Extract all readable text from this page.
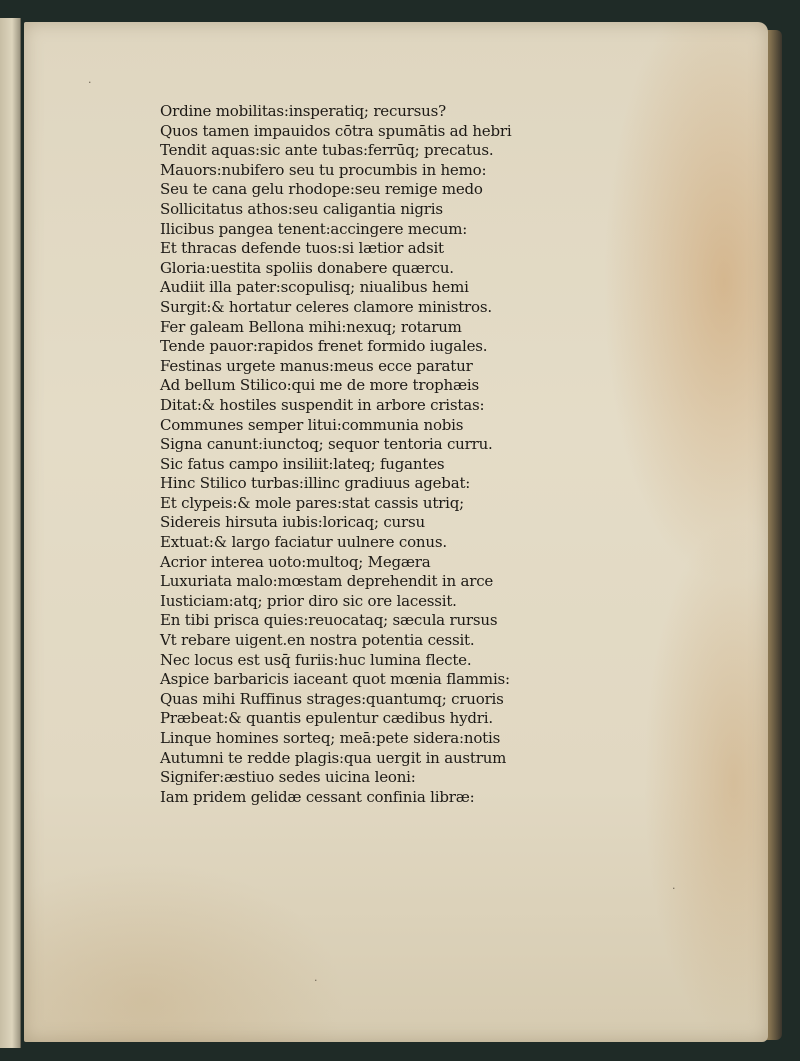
·
·
·
Ordine mobilitas:insperatiq; recursus?
Quos tamen impauidos cōtra spumātis ad hebri
Tendit aquas:sic ante tubas:ferrūq; precatus.
Mauors:nubifero seu tu procumbis in hemo:
Seu te cana gelu rhodope:seu remige medo
Sollicitatus athos:seu caligantia nigris
Ilicibus pangea tenent:accingere mecum:
Et thracas defende tuos:si lætior adsit
Gloria:uestita spoliis donabere quærcu.
Audiit illa pater:scopulisq; niualibus hemi
Surgit:& hortatur celeres clamore ministros.
Fer galeam Bellona mihi:nexuq; rotarum
Tende pauor:rapidos frenet formido iugales.
Festinas urgete manus:meus ecce paratur
Ad bellum Stilico:qui me de more trophæis
Ditat:& hostiles suspendit in arbore cristas:
Communes semper litui:communia nobis
Signa canunt:iunctoq; sequor tentoria curru.
Sic fatus campo insiliit:lateq; fugantes
Hinc Stilico turbas:illinc gradiuus agebat:
Et clypeis:& mole pares:stat cassis utriq;
Sidereis hirsuta iubis:loricaq; cursu
Extuat:& largo faciatur uulnere conus.
Acrior interea uoto:multoq; Megæra
Luxuriata malo:mœstam deprehendit in arce
Iusticiam:atq; prior diro sic ore lacessit.
En tibi prisca quies:reuocataq; sæcula rursus
Vt rebare uigent.en nostra potentia cessit.
Nec locus est usq̄ furiis:huc lumina flecte.
Aspice barbaricis iaceant quot mœnia flammis:
Quas mihi Ruffinus strages:quantumq; cruoris
Præbeat:& quantis epulentur cædibus hydri.
Linque homines sorteq; meā:pete sidera:notis
Autumni te redde plagis:qua uergit in austrum
Signifer:æstiuo sedes uicina leoni:
Iam pridem gelidæ cessant confinia libræ:
